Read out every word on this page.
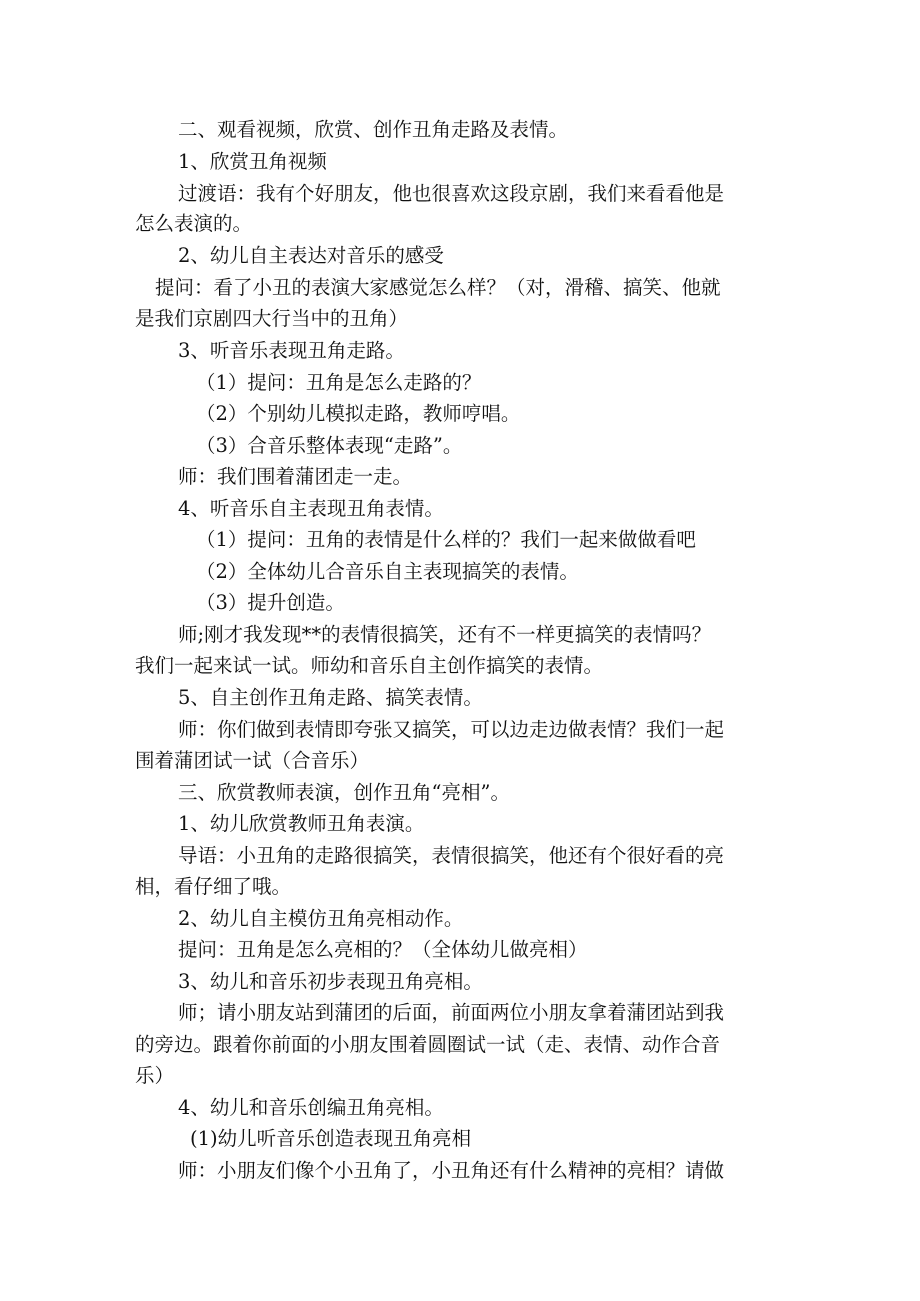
二、观看视频，欣赏、创作丑角走路及表情。
1、欣赏丑角视频
过渡语：我有个好朋友，他也很喜欢这段京剧，我们来看看他是
怎么表演的。
2、幼儿自主表达对音乐的感受
提问：看了小丑的表演大家感觉怎么样？（对，滑稽、搞笑、他就
是我们京剧四大行当中的丑角）
3、听音乐表现丑角走路。
（1）提问：丑角是怎么走路的？
（2）个别幼儿模拟走路，教师哼唱。
（3）合音乐整体表现“走路”。
师：我们围着蒲团走一走。
4、听音乐自主表现丑角表情。
（1）提问：丑角的表情是什么样的？我们一起来做做看吧
（2）全体幼儿合音乐自主表现搞笑的表情。
（3）提升创造。
师;刚才我发现**的表情很搞笑，还有不一样更搞笑的表情吗？
我们一起来试一试。师幼和音乐自主创作搞笑的表情。
5、自主创作丑角走路、搞笑表情。
师：你们做到表情即夸张又搞笑，可以边走边做表情？我们一起
围着蒲团试一试（合音乐）
三、欣赏教师表演，创作丑角“亮相”。
1、幼儿欣赏教师丑角表演。
导语：小丑角的走路很搞笑，表情很搞笑，他还有个很好看的亮
相，看仔细了哦。
2、幼儿自主模仿丑角亮相动作。
提问：丑角是怎么亮相的？（全体幼儿做亮相）
3、幼儿和音乐初步表现丑角亮相。
师；请小朋友站到蒲团的后面，前面两位小朋友拿着蒲团站到我
的旁边。跟着你前面的小朋友围着圆圈试一试（走、表情、动作合音
乐）
4、幼儿和音乐创编丑角亮相。
(1)幼儿听音乐创造表现丑角亮相
师：小朋友们像个小丑角了，小丑角还有什么精神的亮相？请做
